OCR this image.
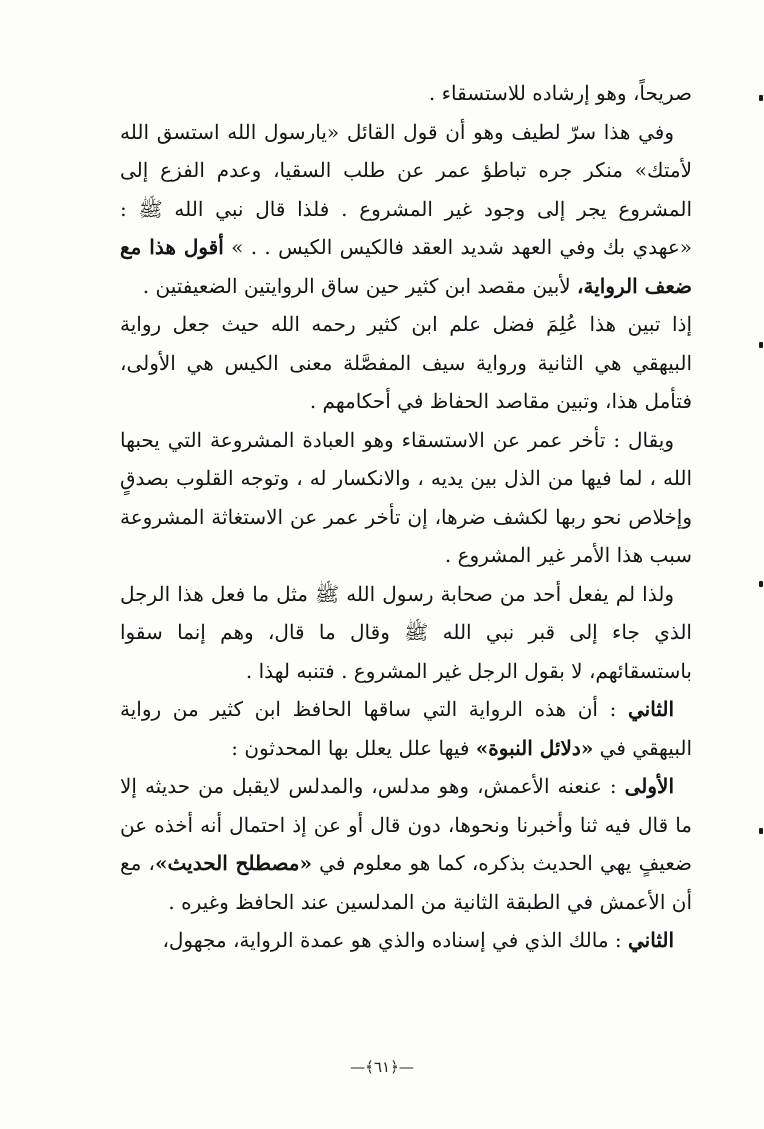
صريحاً، وهو إرشاده للاستسقاء .

وفي هذا سرّ لطيف وهو أن قول القائل «يارسول الله استسق الله لأمتك» منكر جره تباطؤ عمر عن طلب السقيا، وعدم الفزع إلى المشروع يجر إلى وجود غير المشروع . فلذا قال نبي الله ﷺ : «عهدي بك وفي العهد شديد العقد فالكيس الكيس . . » أقول هذا مع ضعف الرواية، لأبين مقصد ابن كثير حين ساق الروايتين الضعيفتين .

إذا تبين هذا عُلِمَ فضل علم ابن كثير رحمه الله حيث جعل رواية البيهقي هي الثانية ورواية سيف المفصَّلة معنى الكيس هي الأولى، فتأمل هذا، وتبين مقاصد الحفاظ في أحكامهم .

ويقال : تأخر عمر عن الاستسقاء وهو العبادة المشروعة التي يحبها الله ، لما فيها من الذل بين يديه ، والانكسار له ، وتوجه القلوب بصدقٍ وإخلاص نحو ربها لكشف ضرها، إن تأخر عمر عن الاستغاثة المشروعة سبب هذا الأمر غير المشروع .

ولذا لم يفعل أحد من صحابة رسول الله ﷺ مثل ما فعل هذا الرجل الذي جاء إلى قبر نبي الله ﷺ وقال ما قال، وهم إنما سقوا باستسقائهم، لا بقول الرجل غير المشروع . فتنبه لهذا .

الثاني : أن هذه الرواية التي ساقها الحافظ ابن كثير من رواية البيهقي في «دلائل النبوة» فيها علل يعلل بها المحدثون :

الأولى : عنعنه الأعمش، وهو مدلس، والمدلس لايقبل من حديثه إلا ما قال فيه ثنا وأخبرنا ونحوها، دون قال أو عن إذ احتمال أنه أخذه عن ضعيفٍ يهي الحديث بذكره، كما هو معلوم في «مصطلح الحديث»، مع أن الأعمش في الطبقة الثانية من المدلسين عند الحافظ وغيره .

الثاني : مالك الذي في إسناده والذي هو عمدة الرواية، مجهول،

—﴿٦١﴾—
